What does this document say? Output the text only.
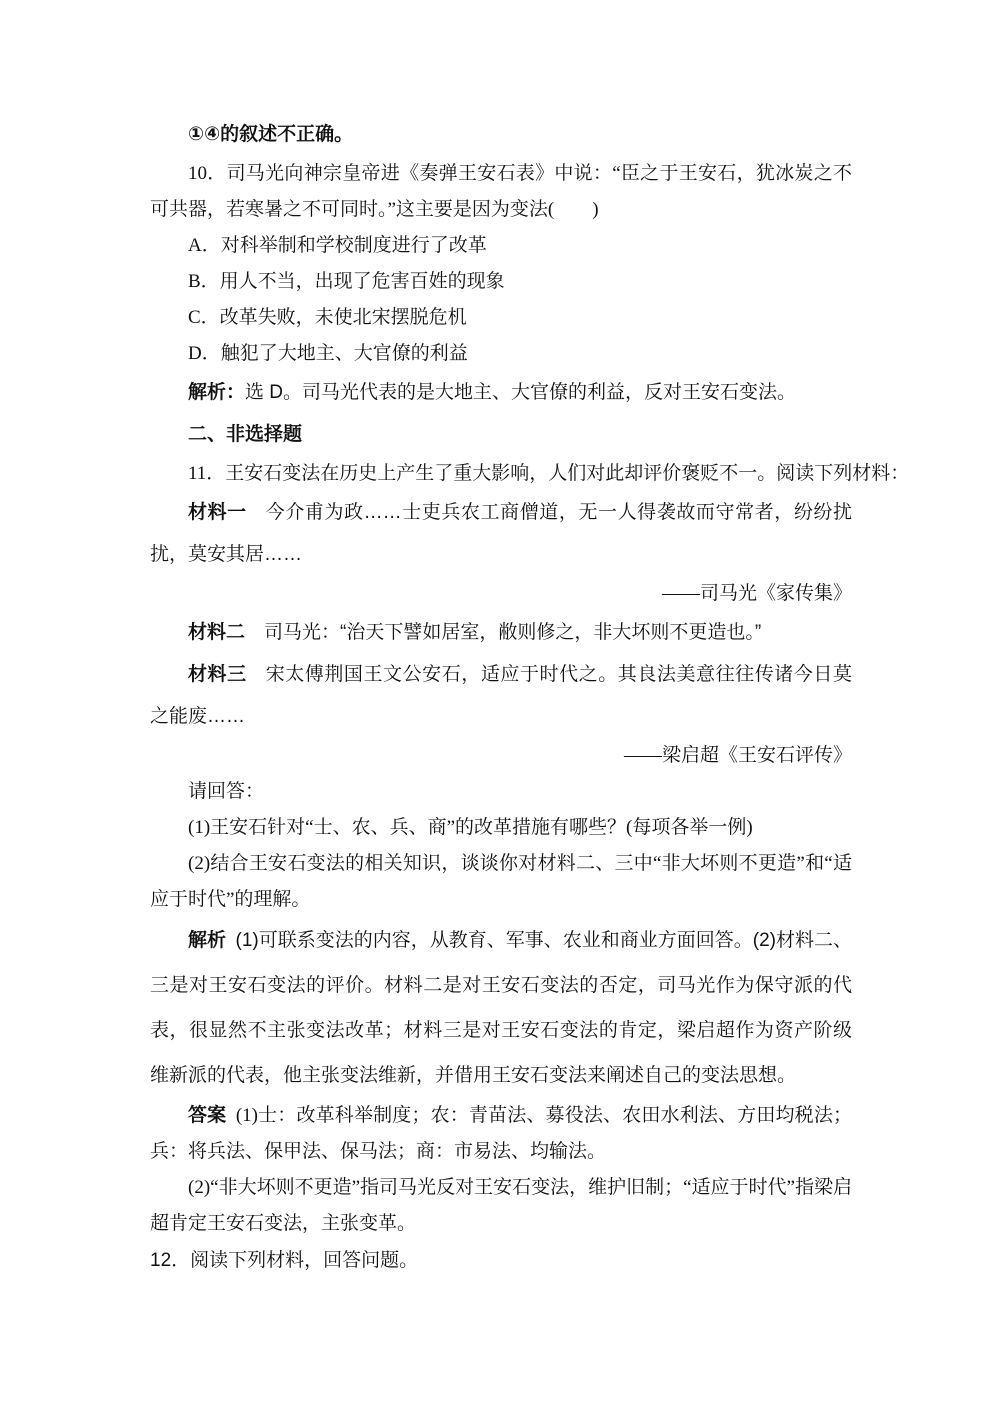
①④的叙述不正确。

10．司马光向神宗皇帝进《奏弹王安石表》中说：“臣之于王安石，犹冰炭之不可共器，若寒暑之不可同时。”这主要是因为变法(　　)

A．对科举制和学校制度进行了改革

B．用人不当，出现了危害百姓的现象

C．改革失败，未使北宋摆脱危机

D．触犯了大地主、大官僚的利益

解析：选 D。司马光代表的是大地主、大官僚的利益，反对王安石变法。

二、非选择题

11．王安石变法在历史上产生了重大影响，人们对此却评价褒贬不一。阅读下列材料：

材料一 今介甫为政……士吏兵农工商僧道，无一人得袭故而守常者，纷纷扰扰，莫安其居……

——司马光《家传集》

材料二 司马光：“治天下譬如居室，敝则修之，非大坏则不更造也。”

材料三 宋太傅荆国王文公安石，适应于时代之。其良法美意往往传诸今日莫之能废……

——梁启超《王安石评传》

请回答：

(1)王安石针对“士、农、兵、商”的改革措施有哪些？(每项各举一例)

(2)结合王安石变法的相关知识，谈谈你对材料二、三中“非大坏则不更造”和“适应于时代”的理解。

解析 (1)可联系变法的内容，从教育、军事、农业和商业方面回答。(2)材料二、三是对王安石变法的评价。材料二是对王安石变法的否定，司马光作为保守派的代表，很显然不主张变法改革；材料三是对王安石变法的肯定，梁启超作为资产阶级维新派的代表，他主张变法维新，并借用王安石变法来阐述自己的变法思想。

答案 (1)士：改革科举制度；农：青苗法、募役法、农田水利法、方田均税法；兵：将兵法、保甲法、保马法；商：市易法、均输法。

(2)“非大坏则不更造”指司马光反对王安石变法，维护旧制；“适应于时代”指梁启超肯定王安石变法，主张变革。

12．阅读下列材料，回答问题。
